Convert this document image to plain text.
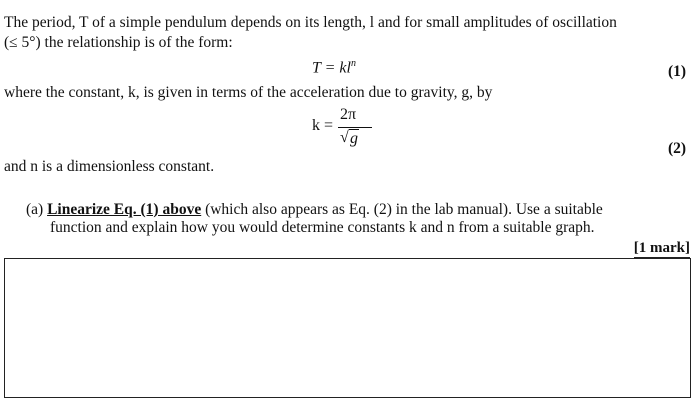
The period, T of a simple pendulum depends on its length, l and for small amplitudes of oscillation
(≤ 5°) the relationship is of the form:
$T = kl^n$	(1)
where the constant, k, is given in terms of the acceleration due to gravity, g, by
k =
2π
√ g
(2)
and n is a dimensionless constant.
(a) Linearize Eq. (1) above (which also appears as Eq. (2) in the lab manual). Use a suitable
function and explain how you would determine constants k and n from a suitable graph.
[1 mark]
